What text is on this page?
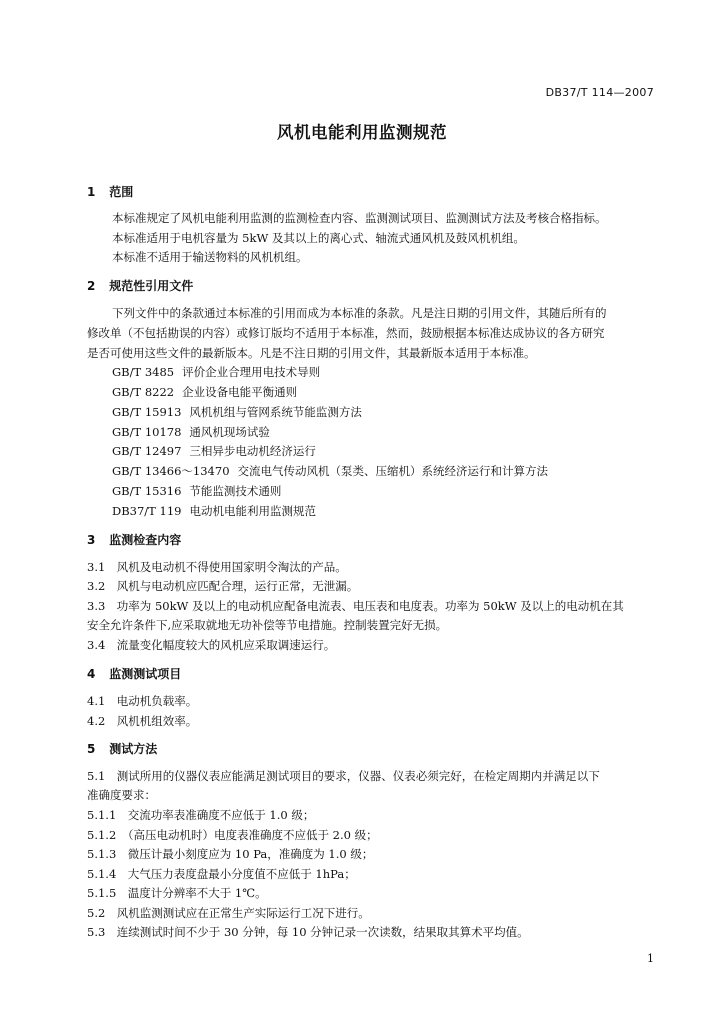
DB37/T 114—2007
风机电能利用监测规范
1 范围
本标准规定了风机电能利用监测的监测检查内容、监测测试项目、监测测试方法及考核合格指标。
本标准适用于电机容量为 5kW 及其以上的离心式、轴流式通风机及鼓风机机组。
本标准不适用于输送物料的风机机组。
2 规范性引用文件
下列文件中的条款通过本标准的引用而成为本标准的条款。凡是注日期的引用文件，其随后所有的
修改单（不包括勘误的内容）或修订版均不适用于本标准，然而，鼓励根据本标准达成协议的各方研究
是否可使用这些文件的最新版本。凡是不注日期的引用文件，其最新版本适用于本标准。
GB/T 3485 评价企业合理用电技术导则
GB/T 8222 企业设备电能平衡通则
GB/T 15913 风机机组与管网系统节能监测方法
GB/T 10178 通风机现场试验
GB/T 12497 三相异步电动机经济运行
GB/T 13466～13470 交流电气传动风机（泵类、压缩机）系统经济运行和计算方法
GB/T 15316 节能监测技术通则
DB37/T 119 电动机电能利用监测规范
3 监测检查内容
3.1　风机及电动机不得使用国家明令淘汰的产品。
3.2　风机与电动机应匹配合理，运行正常，无泄漏。
3.3　功率为 50kW 及以上的电动机应配备电流表、电压表和电度表。功率为 50kW 及以上的电动机在其
安全允许条件下,应采取就地无功补偿等节电措施。控制装置完好无损。
3.4　流量变化幅度较大的风机应采取调速运行。
4 监测测试项目
4.1　电动机负载率。
4.2　风机机组效率。
5 测试方法
5.1　测试所用的仪器仪表应能满足测试项目的要求，仪器、仪表必须完好，在检定周期内并满足以下
准确度要求：
5.1.1　交流功率表准确度不应低于 1.0 级；
5.1.2　（高压电动机时）电度表准确度不应低于 2.0 级；
5.1.3　微压计最小刻度应为 10 Pa，准确度为 1.0 级；
5.1.4　大气压力表度盘最小分度值不应低于 1hPa；
5.1.5　温度计分辨率不大于 1℃。
5.2　风机监测测试应在正常生产实际运行工况下进行。
5.3　连续测试时间不少于 30 分钟，每 10 分钟记录一次读数，结果取其算术平均值。
1
